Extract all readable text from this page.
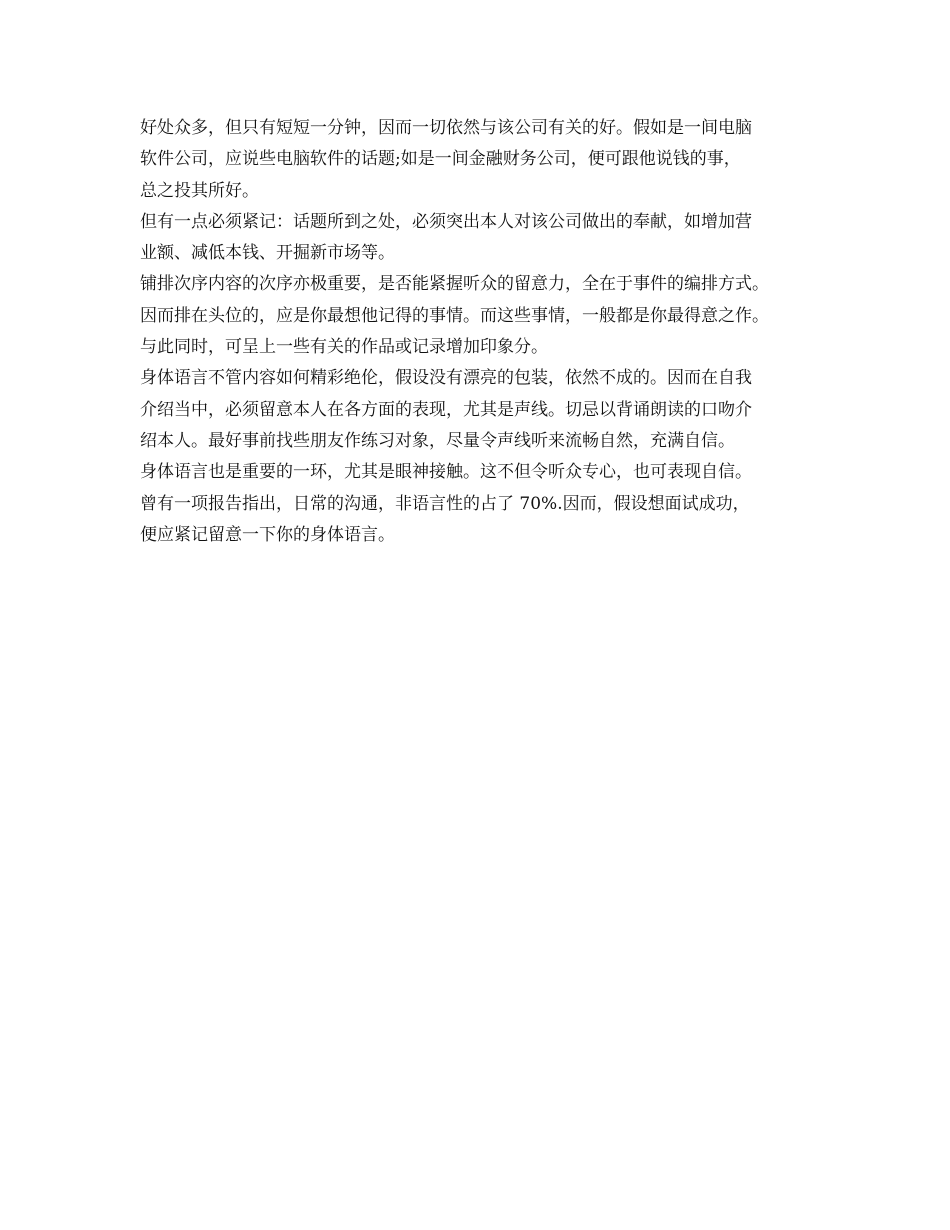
好处众多，但只有短短一分钟，因而一切依然与该公司有关的好。假如是一间电脑
软件公司，应说些电脑软件的话题;如是一间金融财务公司，便可跟他说钱的事，
总之投其所好。
但有一点必须紧记：话题所到之处，必须突出本人对该公司做出的奉献，如增加营
业额、减低本钱、开掘新市场等。
铺排次序内容的次序亦极重要，是否能紧握听众的留意力，全在于事件的编排方式。
因而排在头位的，应是你最想他记得的事情。而这些事情，一般都是你最得意之作。
与此同时，可呈上一些有关的作品或记录增加印象分。
身体语言不管内容如何精彩绝伦，假设没有漂亮的包装，依然不成的。因而在自我
介绍当中，必须留意本人在各方面的表现，尤其是声线。切忌以背诵朗读的口吻介
绍本人。最好事前找些朋友作练习对象，尽量令声线听来流畅自然，充满自信。
身体语言也是重要的一环，尤其是眼神接触。这不但令听众专心，也可表现自信。
曾有一项报告指出，日常的沟通，非语言性的占了 70%.因而，假设想面试成功，
便应紧记留意一下你的身体语言。
